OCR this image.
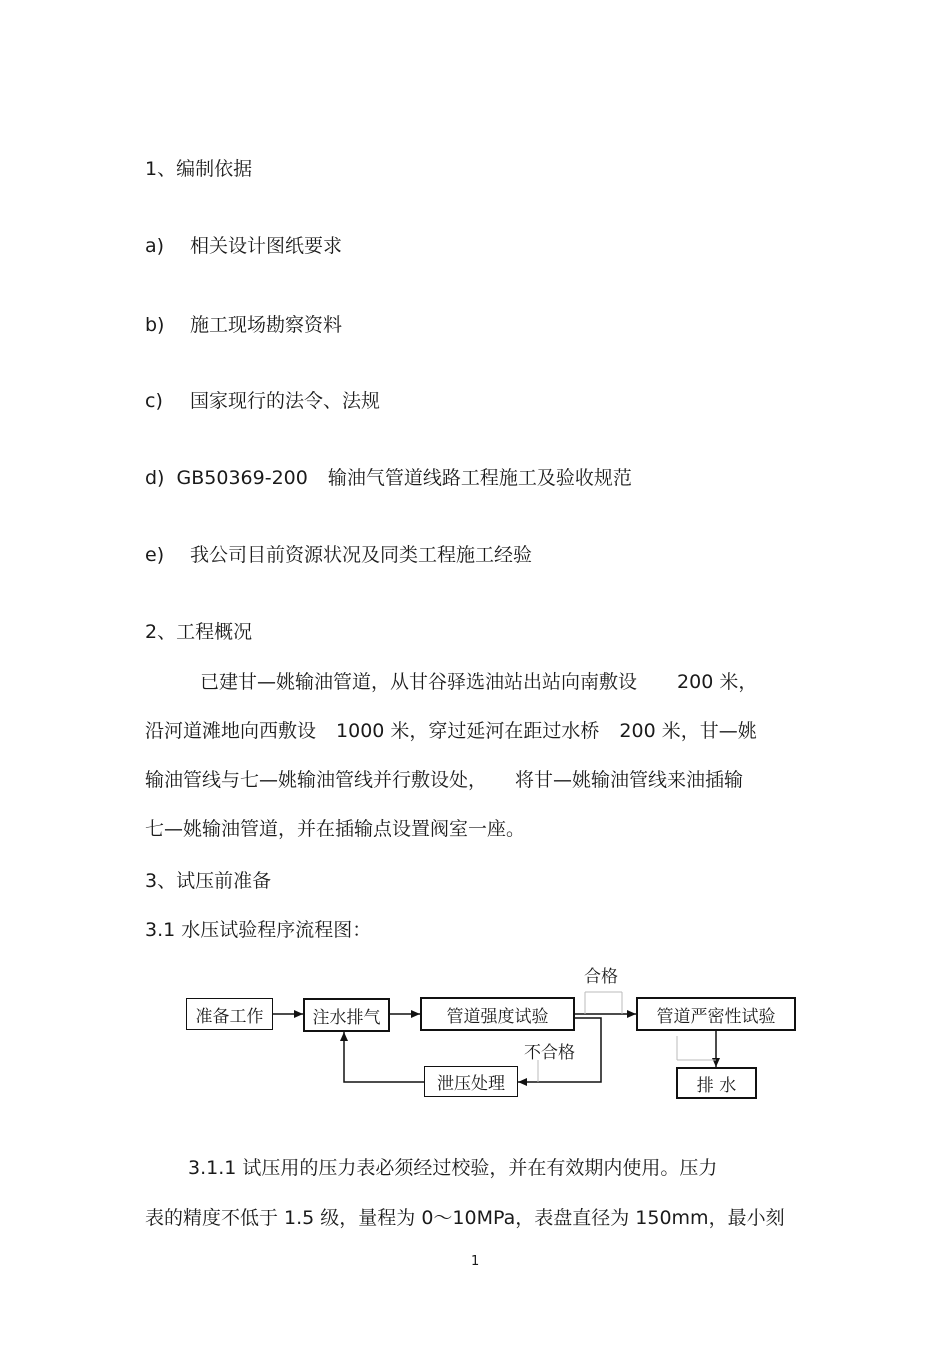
1、编制依据
a) 相关设计图纸要求
b) 施工现场勘察资料
c) 国家现行的法令、法规
d) GB50369-200 输油气管道线路工程施工及验收规范
e) 我公司目前资源状况及同类工程施工经验
2、工程概况
已建甘—姚输油管道，从甘谷驿选油站出站向南敷设 200 米，
沿河道滩地向西敷设 1000 米，穿过延河在距过水桥 200 米，甘—姚
输油管线与七—姚输油管线并行敷设处， 将甘—姚输油管线来油插输
七—姚输油管道，并在插输点设置阀室一座。
3、试压前准备
3.1 水压试验程序流程图：
准备工作	注水排气	管道强度试验	管道严密性试验
排 水
泄压处理
合格
不合格
3.1.1 试压用的压力表必须经过校验，并在有效期内使用。压力
表的精度不低于 1.5 级，量程为 0～10MPa，表盘直径为 150mm，最小刻
1
